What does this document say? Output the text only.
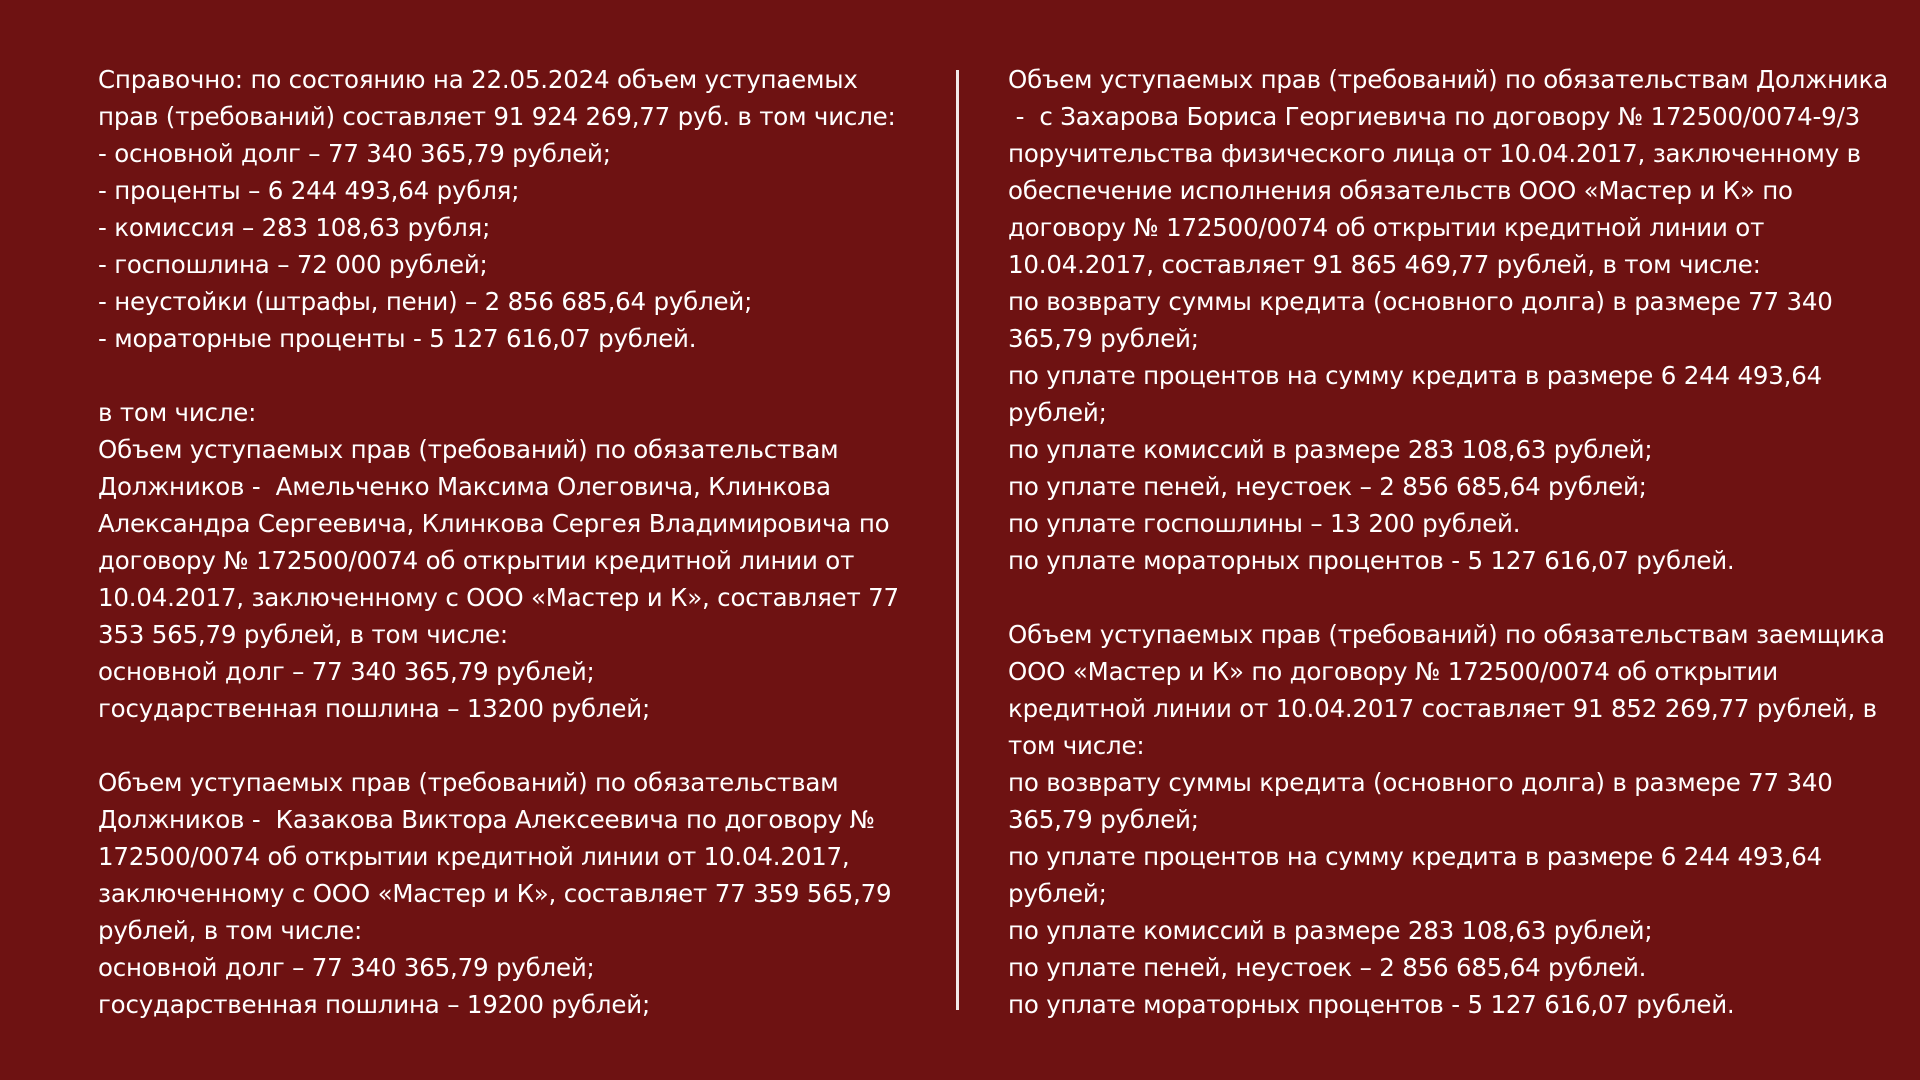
Справочно: по состоянию на 22.05.2024 объем уступаемых
прав (требований) составляет 91 924 269,77 руб. в том числе:
- основной долг – 77 340 365,79 рублей;
- проценты – 6 244 493,64 рубля;
- комиссия – 283 108,63 рубля;
- госпошлина – 72 000 рублей;
- неустойки (штрафы, пени) – 2 856 685,64 рублей;
- мораторные проценты - 5 127 616,07 рублей.
в том числе:
Объем уступаемых прав (требований) по обязательствам
Должников -  Амельченко Максима Олеговича, Клинкова
Александра Сергеевича, Клинкова Сергея Владимировича по
договору № 172500/0074 об открытии кредитной линии от
10.04.2017, заключенному с ООО «Мастер и К», составляет 77
353 565,79 рублей, в том числе:
основной долг – 77 340 365,79 рублей;
государственная пошлина – 13200 рублей;
Объем уступаемых прав (требований) по обязательствам
Должников -  Казакова Виктора Алексеевича по договору №
172500/0074 об открытии кредитной линии от 10.04.2017,
заключенному с ООО «Мастер и К», составляет 77 359 565,79
рублей, в том числе:
основной долг – 77 340 365,79 рублей;
государственная пошлина – 19200 рублей;
Объем уступаемых прав (требований) по обязательствам Должника
-  с Захарова Бориса Георгиевича по договору № 172500/0074-9/3
поручительства физического лица от 10.04.2017, заключенному в
обеспечение исполнения обязательств ООО «Мастер и К» по
договору № 172500/0074 об открытии кредитной линии от
10.04.2017, составляет 91 865 469,77 рублей, в том числе:
по возврату суммы кредита (основного долга) в размере 77 340
365,79 рублей;
по уплате процентов на сумму кредита в размере 6 244 493,64
рублей;
по уплате комиссий в размере 283 108,63 рублей;
по уплате пеней, неустоек – 2 856 685,64 рублей;
по уплате госпошлины – 13 200 рублей.
по уплате мораторных процентов - 5 127 616,07 рублей.
Объем уступаемых прав (требований) по обязательствам заемщика
ООО «Мастер и К» по договору № 172500/0074 об открытии
кредитной линии от 10.04.2017 составляет 91 852 269,77 рублей, в
том числе:
по возврату суммы кредита (основного долга) в размере 77 340
365,79 рублей;
по уплате процентов на сумму кредита в размере 6 244 493,64
рублей;
по уплате комиссий в размере 283 108,63 рублей;
по уплате пеней, неустоек – 2 856 685,64 рублей.
по уплате мораторных процентов - 5 127 616,07 рублей.
